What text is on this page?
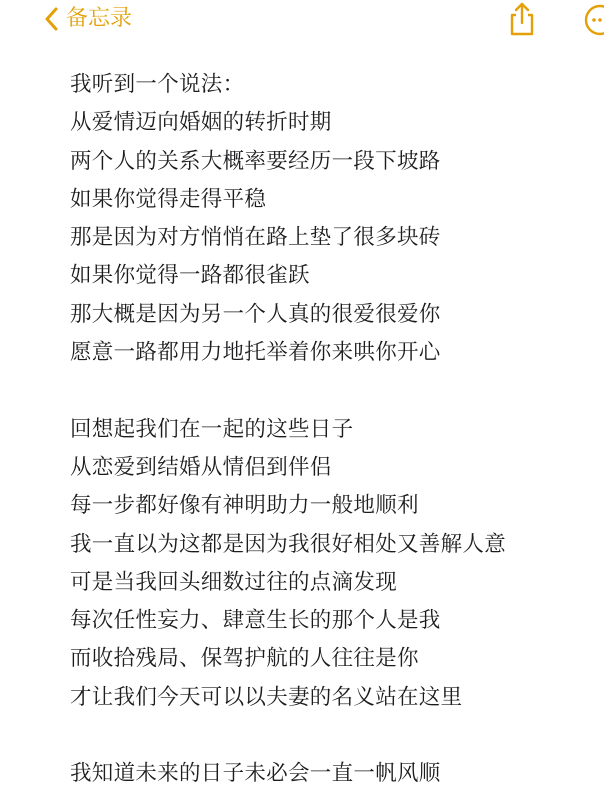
备忘录
我听到一个说法：
从爱情迈向婚姻的转折时期
两个人的关系大概率要经历一段下坡路
如果你觉得走得平稳
那是因为对方悄悄在路上垫了很多块砖
如果你觉得一路都很雀跃
那大概是因为另一个人真的很爱很爱你
愿意一路都用力地托举着你来哄你开心
回想起我们在一起的这些日子
从恋爱到结婚从情侣到伴侣
每一步都好像有神明助力一般地顺利
我一直以为这都是因为我很好相处又善解人意
可是当我回头细数过往的点滴发现
每次任性妄力、肆意生长的那个人是我
而收拾残局、保驾护航的人往往是你
才让我们今天可以以夫妻的名义站在这里
我知道未来的日子未必会一直一帆风顺
